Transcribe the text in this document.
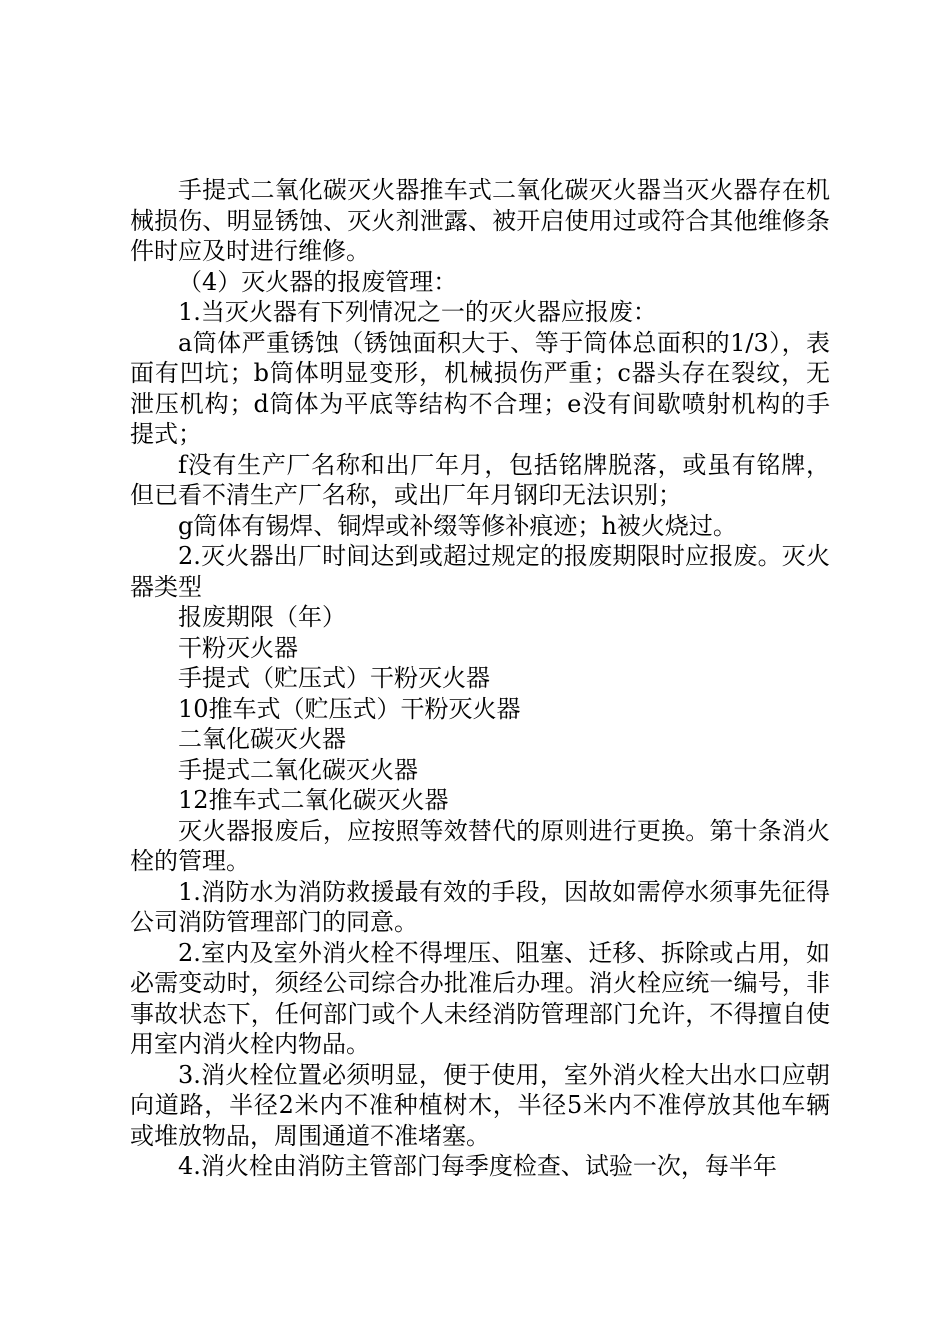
手提式二氧化碳灭火器推车式二氧化碳灭火器当灭火器存在机械损伤、明显锈蚀、灭火剂泄露、被开启使用过或符合其他维修条件时应及时进行维修。

（4）灭火器的报废管理：

1.当灭火器有下列情况之一的灭火器应报废：

a筒体严重锈蚀（锈蚀面积大于、等于筒体总面积的1/3），表面有凹坑；b筒体明显变形，机械损伤严重；c器头存在裂纹，无泄压机构；d筒体为平底等结构不合理；e没有间歇喷射机构的手提式；

f没有生产厂名称和出厂年月，包括铭牌脱落，或虽有铭牌，但已看不清生产厂名称，或出厂年月钢印无法识别；

g筒体有锡焊、铜焊或补缀等修补痕迹；h被火烧过。

2.灭火器出厂时间达到或超过规定的报废期限时应报废。灭火器类型

报废期限（年）

干粉灭火器

手提式（贮压式）干粉灭火器

10推车式（贮压式）干粉灭火器

二氧化碳灭火器

手提式二氧化碳灭火器

12推车式二氧化碳灭火器

灭火器报废后，应按照等效替代的原则进行更换。第十条消火栓的管理。

1.消防水为消防救援最有效的手段，因故如需停水须事先征得公司消防管理部门的同意。

2.室内及室外消火栓不得埋压、阻塞、迁移、拆除或占用，如必需变动时，须经公司综合办批准后办理。消火栓应统一编号，非事故状态下，任何部门或个人未经消防管理部门允许，不得擅自使用室内消火栓内物品。

3.消火栓位置必须明显，便于使用，室外消火栓大出水口应朝向道路，半径2米内不准种植树木，半径5米内不准停放其他车辆或堆放物品，周围通道不准堵塞。

4.消火栓由消防主管部门每季度检查、试验一次，每半年
